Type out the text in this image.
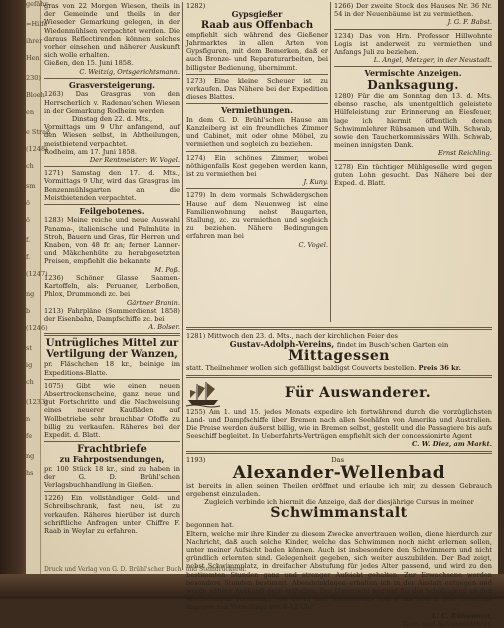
gefähr-
=Hilfe
ihrer
Hen
230)
Bloeh
en
e Straß
(1248)
ch
sm
ö
ö
f.
f.
(1247)
ng
b
(1246)
st
ig
ch
(1233)
n
fe
ng
hs

gras von 22 Morgen Wiesen, theils in der Gemeinde und theils in der Wieseder Gemarkung gelegen, in der Wiedenmühlsen verpachtet werden. Die daraus Reflectirenden können solches vorher einsehen und näherer Auskunft sich wolle erhalten.

Gießen, den 15. Juni 1858.

C. Weitzig, Ortsgerichtsmann.

Grasversteigerung.

1263) Das Grasgras von den Herrscherlich v. Radenau'schen Wiesen in der Gemarkung Rodheim werden

Dinstag den 22. d. Mts.,

Vormittags um 9 Uhr anfangend, auf den Wiesen selbst, in Abtheilungen, meistbietend verpachtet.

Rodheim, am 17. Juni 1858.

Der Rentmeister: W. Vogel.

1271) Samstag den 17. d. Mts., Vormittags 9 Uhr, wird das Grasgras im Benzenmühlsgarten an die Meistbietenden verpachtet.

Feilgebotenes.

1283) Meine reiche und neue Auswahl Panama-, italienische und Palmhüte in Stroh, Bauern und Gras, für Herren und Knaben, von 48 fr. an; ferner Lanner- und Mäkchenhüte zu herabgesetzten Preisen, empfiehlt die bekannte

M. Poß.

1236) Schöner Glasse Saamen-Kartoffeln, als: Peruaner, Lerboßen, Phlox, Drummondi zc. bei

Gärtner Branin.

1213) Fahrpläne (Sommerdienst 1858) der Eisenbahn, Dampfschiffe zc. bei

A. Bolser.

Untrügliches Mittel zur Vertilgung der Wanzen,

pr. Fläschchen 18 kr., beinige im Expeditions-Blatte.

1075) Gibt wie einen neuen Absertrockenscheine, ganz neue und gut Fortschritte und die Nachweisung eines neuerer Kaufläden auf Wollbetriebe sehr brauchbar Ofoffe zu billig zu verkaufen. Räheres bei der Expedit. d. Blatt.

Frachtbriefe

zu Fahrpostsendungen,

pr. 100 Stück 18 kr., sind zu haben in der G. D. Brühl'schen Verlagsbuchhandlung in Gießen.

1226) Ein vollständiger Geld- und Schreibschrank, fast neu, ist zu verkaufen. Räheres hierüber ist durch schriftliche Anfragen unter Chiffre F. Raab in Weylar zu erfahren.

1282)

Gypsgießer

Raab aus Offenbach

empfiehlt sich während des Gießener Jahrmarktes in allen Arten von Gypsfiguren, mit dem Bemerken, daß er auch Bronze- und Reparaturarbeiten, bei billigster Bedienung, übernimmt.

1273) Eine kleine Scheuer ist zu verkaufen. Das Nähere bei der Expedition dieses Blattes.

Vermiethungen.

In dem G. D. Brühl'schen Hause am Kanzleiberg ist ein freundliches Zimmer und Cabinet, mit oder ohne Möbel, zu vermiethen und sogleich zu beziehen.

1274) Ein schönes Zimmer, wobei nöthigenfalls Kost gegeben werden kann, ist zu vermiethen bei

J. Kuny.

1279) In dem vormals Schwädergschen Hause auf dem Neuenweg ist eine Familienwohnung nebst Baugarten, Stallung, zc. zu vermiethen und sogleich zu beziehen. Nähere Bedingungen erfahren man bei

C. Vogel.

1266) Der zweite Stock des Hauses Nr. 36 Nr. 54 in der Neuenbäume ist zu vermiethen.

J. G. F. Babst.

1234) Das von Hrn. Professor Hillwohnte Logis ist anderweit zu vermiethen und Anfangs Juli zu beziehen.

L. Angel, Metzger, in der Neustadt.

Vermischte Anzeigen.

Danksagung.

1280) Für die am Sonntag den 13. d. Mts. ebenso rasche, als unentgeltlich geleistete Hülfeleistung zur Erinnerung an Eiesfeuer, lage ich hiermit öffentlich denen Schwimmlehrer Rübsamen und Wilh. Schwab, sowie den Taucherkommissärs Wilh. Schwab, meinen innigsten Dank.

Ernst Reichling.

1278) Ein tüchtiger Mühlgeselle wird gegen guten Lohn gesucht. Das Nähere bei der Exped. d. Blatt.

1281) Mittwoch den 23. d. Mts., nach der kirchlichen Feier des

Gustav-Adolph-Vereins, findet im Busch'schen Garten ein

Mittagessen

statt. Theilnehmer wollen sich gefälligst baldigst Couverts bestellen. Preis 36 kr.

Für Auswanderer.

1255) Am 1. und 15. jedes Monats expedire ich fortwährend durch die vorzüglichsten Land- und Dampfschiffe über Bremen nach allen Seehäfen von Amerika und Australien. Die Preise werden äußerst billig, wie in Bremen selbst, gestellt und die Passagiere bis aufs Seeschiff begleitet. In Ueberfahrts-Verträgen empfiehlt sich der concessionirte Agent

C. W. Diez, am Markt.

1193)	Das

Alexander-Wellenbad

ist bereits in allen seinen Theilen eröffnet und erlaube ich mir, zu dessen Gebrauch ergebenst einzuladen.

Zugleich verbinde ich hiermit die Anzeige, daß der diesjährige Cursus in meiner

Schwimmanstalt

begonnen hat.

Eltern, welche mir ihre Kinder zu diesem Zwecke anvertrauen wollen, diene hierdurch zur Nachricht, daß auch solche Kinder, welche das Schwimmen noch nicht erlernen sollen, unter meiner Aufsicht baden können. Auch ist insbesondere den Schwimmern und nicht gründlich erlernten sind. Gelegenheit gegeben, sich weiter auszubilden. Der Bad zeigt, nebst Schwimmplatz, in dreifacher Abstufung für jedes Alter passend, und wird zu den bestimmten Stunden ganz und strenger Aufsicht gehalten. Zur Erwachsene werden besondere Stunden bestimmt. Abendeinklagen erhalten ich in der Anstalt entgegen und werde nähere Auskunft gern ertheilen. Der Unterricht beginnt für die Schuljugend an den Wochentagen Vormittags von 10-12 und Nachmittags von 4 bis bald 8 Uhr, Sonntags dagegen nur Vormittags von 8-12 Uhr.

L. C. Rübsamen,

Turn- und Schwimmlehrer.

Druck und Verlag von G. D. Brühl'scher Buch- und Steindruckerei.
